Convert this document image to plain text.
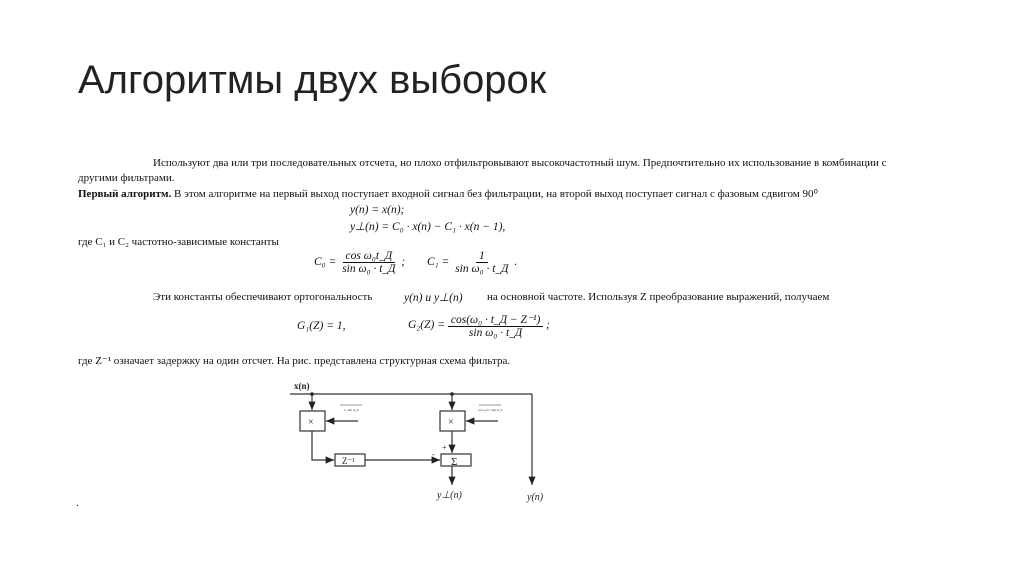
Алгоритмы двух выборок
Используют два или три последовательных отсчета, но плохо отфильтровывают высокочастотный шум. Предпочтительно их использование в комбинации с
другими фильтрами.
Первый алгоритм. В этом алгоритме на первый выход поступает входной сигнал без фильтрации, на второй выход поступает сигнал с фазовым сдвигом 90⁰
y(n) = x(n);
y⊥(n) = C₀ · x(n) − C₁ · x(n − 1),
где C₁ и C₂ частотно-зависимые константы
$C_0 = \frac{\text{cos ω₀t\_Д}}{\text{sin ω₀ · t\_Д}}$ ; $C_1 = \frac{1}{\text{sin ω₀ · t\_Д}}$ .
Эти константы обеспечивают ортогональность	y(n) и y⊥(n) на основной частоте. Используя Z преобразование выражений, получаем
G₁(Z) = 1,	$G_2(Z) = \frac{\text{cos(ω₀ · t\_Д − Z⁻¹)}}{\text{sin ω₀ · t\_Д}}$ ;
где Z⁻¹ означает задержку на один отсчет. На рис. представлена структурная схема фильтра.
.
x(n)
×	×
1 / sin ω₀T	cos ω₀T / sin ω₀T
Z⁻¹	Σ
+
-
y⊥(n)	y(n)
